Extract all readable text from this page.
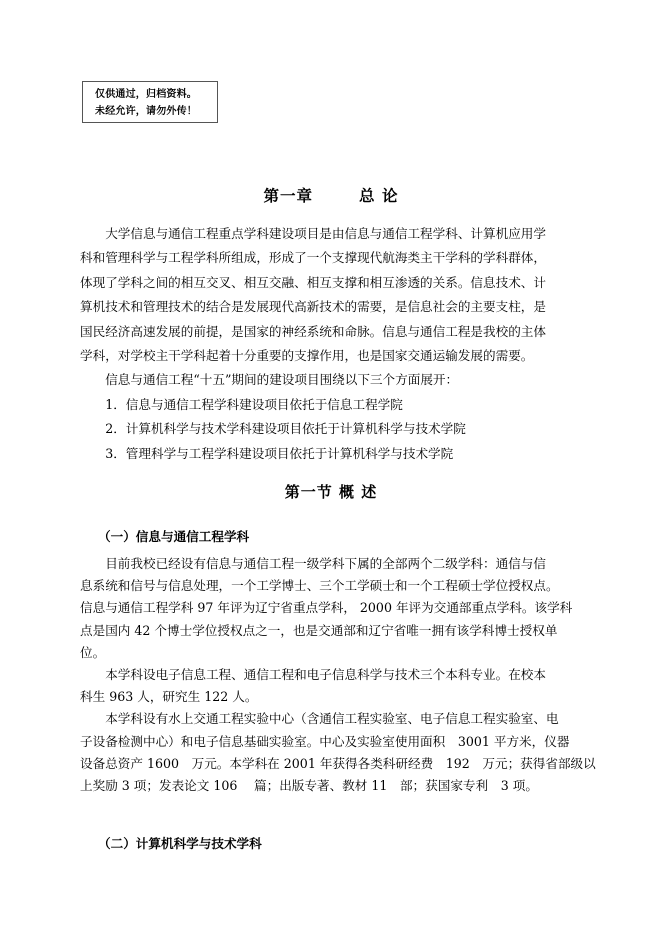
仅供通过，归档资料。
未经允许，请勿外传！
第一章	总 论
　　大学信息与通信工程重点学科建设项目是由信息与通信工程学科、计算机应用学
科和管理科学与工程学科所组成，形成了一个支撑现代航海类主干学科的学科群体，
体现了学科之间的相互交叉、相互交融、相互支撑和相互渗透的关系。信息技术、计
算机技术和管理技术的结合是发展现代高新技术的需要，是信息社会的主要支柱，是
国民经济高速发展的前提，是国家的神经系统和命脉。信息与通信工程是我校的主体
学科，对学校主干学科起着十分重要的支撑作用，也是国家交通运输发展的需要。
　　信息与通信工程“十五”期间的建设项目围绕以下三个方面展开：
　　1．信息与通信工程学科建设项目依托于信息工程学院
　　2．计算机科学与技术学科建设项目依托于计算机科学与技术学院
　　3．管理科学与工程学科建设项目依托于计算机科学与技术学院
第一节 概 述
（一）信息与通信工程学科
　　目前我校已经设有信息与通信工程一级学科下属的全部两个二级学科：通信与信
息系统和信号与信息处理，一个工学博士、三个工学硕士和一个工程硕士学位授权点。
信息与通信工程学科 97 年评为辽宁省重点学科， 2000 年评为交通部重点学科。该学科
点是国内 42 个博士学位授权点之一，也是交通部和辽宁省唯一拥有该学科博士授权单
位。
　　本学科设电子信息工程、通信工程和电子信息科学与技术三个本科专业。在校本
科生 963 人，研究生 122 人。
　　本学科设有水上交通工程实验中心（含通信工程实验室、电子信息工程实验室、电
子设备检测中心）和电子信息基础实验室。中心及实验室使用面积　3001 平方米，仪器
设备总资产 1600　万元。本学科在 2001 年获得各类科研经费　192　万元；获得省部级以
上奖励 3 项；发表论文 106　 篇；出版专著、教材 11　部；获国家专利　3 项。
（二）计算机科学与技术学科
